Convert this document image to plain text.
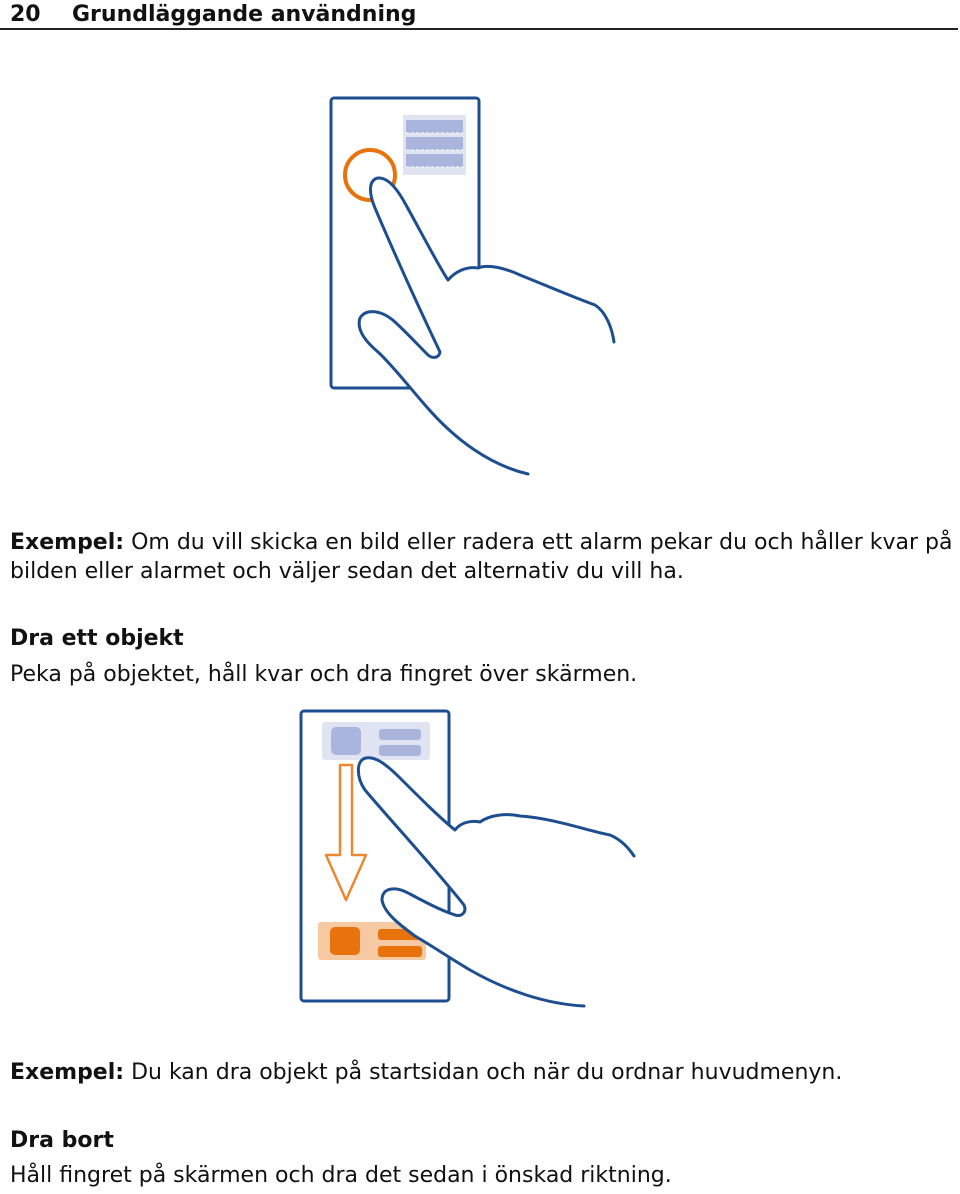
20 Grundläggande användning

Exempel: Om du vill skicka en bild eller radera ett alarm pekar du och håller kvar på
bilden eller alarmet och väljer sedan det alternativ du vill ha.

Dra ett objekt

Peka på objektet, håll kvar och dra fingret över skärmen.

Exempel: Du kan dra objekt på startsidan och när du ordnar huvudmenyn.

Dra bort

Håll fingret på skärmen och dra det sedan i önskad riktning.
